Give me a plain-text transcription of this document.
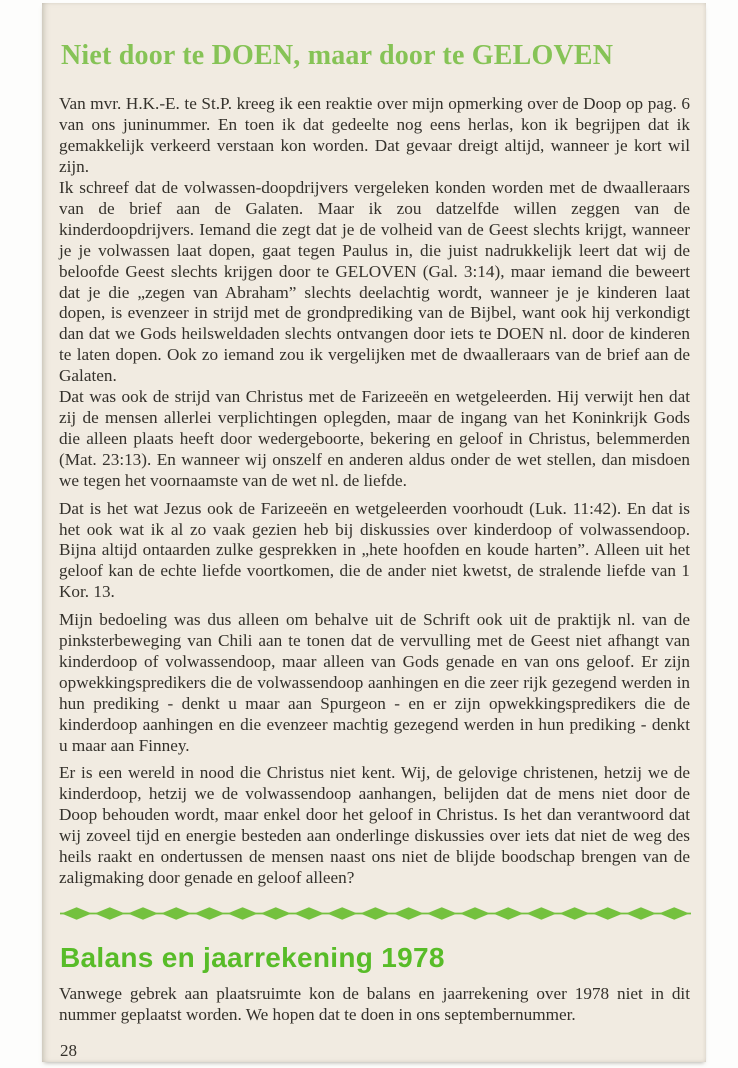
Niet door te DOEN, maar door te GELOVEN

Van mvr. H.K.-E. te St.P. kreeg ik een reaktie over mijn opmerking over de Doop op pag. 6 van ons juninummer. En toen ik dat gedeelte nog eens herlas, kon ik begrijpen dat ik gemakkelijk verkeerd verstaan kon worden. Dat gevaar dreigt altijd, wanneer je kort wil zijn.

Ik schreef dat de volwassen-doopdrijvers vergeleken konden worden met de dwaalleraars van de brief aan de Galaten. Maar ik zou datzelfde willen zeggen van de kinderdoopdrijvers. Iemand die zegt dat je de volheid van de Geest slechts krijgt, wanneer je je volwassen laat dopen, gaat tegen Paulus in, die juist nadrukkelijk leert dat wij de beloofde Geest slechts krijgen door te GELOVEN (Gal. 3:14), maar iemand die beweert dat je die „zegen van Abraham” slechts deelachtig wordt, wanneer je je kinderen laat dopen, is evenzeer in strijd met de grondprediking van de Bijbel, want ook hij verkondigt dan dat we Gods heilsweldaden slechts ontvangen door iets te DOEN nl. door de kinderen te laten dopen. Ook zo iemand zou ik vergelijken met de dwaalleraars van de brief aan de Galaten.

Dat was ook de strijd van Christus met de Farizeeën en wetgeleerden. Hij verwijt hen dat zij de mensen allerlei verplichtingen oplegden, maar de ingang van het Koninkrijk Gods die alleen plaats heeft door wedergeboorte, bekering en geloof in Christus, belemmerden (Mat. 23:13). En wanneer wij onszelf en anderen aldus onder de wet stellen, dan misdoen we tegen het voornaamste van de wet nl. de liefde.

Dat is het wat Jezus ook de Farizeeën en wetgeleerden voorhoudt (Luk. 11:42). En dat is het ook wat ik al zo vaak gezien heb bij diskussies over kinderdoop of volwassendoop. Bijna altijd ontaarden zulke gesprekken in „hete hoofden en koude harten”. Alleen uit het geloof kan de echte liefde voortkomen, die de ander niet kwetst, de stralende liefde van 1 Kor. 13.

Mijn bedoeling was dus alleen om behalve uit de Schrift ook uit de praktijk nl. van de pinksterbeweging van Chili aan te tonen dat de vervulling met de Geest niet afhangt van kinderdoop of volwassendoop, maar alleen van Gods genade en van ons geloof. Er zijn opwekkingspredikers die de volwassendoop aanhingen en die zeer rijk gezegend werden in hun prediking - denkt u maar aan Spurgeon - en er zijn opwekkingspredikers die de kinderdoop aanhingen en die evenzeer machtig gezegend werden in hun prediking - denkt u maar aan Finney.

Er is een wereld in nood die Christus niet kent. Wij, de gelovige christenen, hetzij we de kinderdoop, hetzij we de volwassendoop aanhangen, belijden dat de mens niet door de Doop behouden wordt, maar enkel door het geloof in Christus. Is het dan verantwoord dat wij zoveel tijd en energie besteden aan onderlinge diskussies over iets dat niet de weg des heils raakt en ondertussen de mensen naast ons niet de blijde boodschap brengen van de zaligmaking door genade en geloof alleen?

Balans en jaarrekening 1978

Vanwege gebrek aan plaatsruimte kon de balans en jaarrekening over 1978 niet in dit nummer geplaatst worden. We hopen dat te doen in ons septembernummer.

28
